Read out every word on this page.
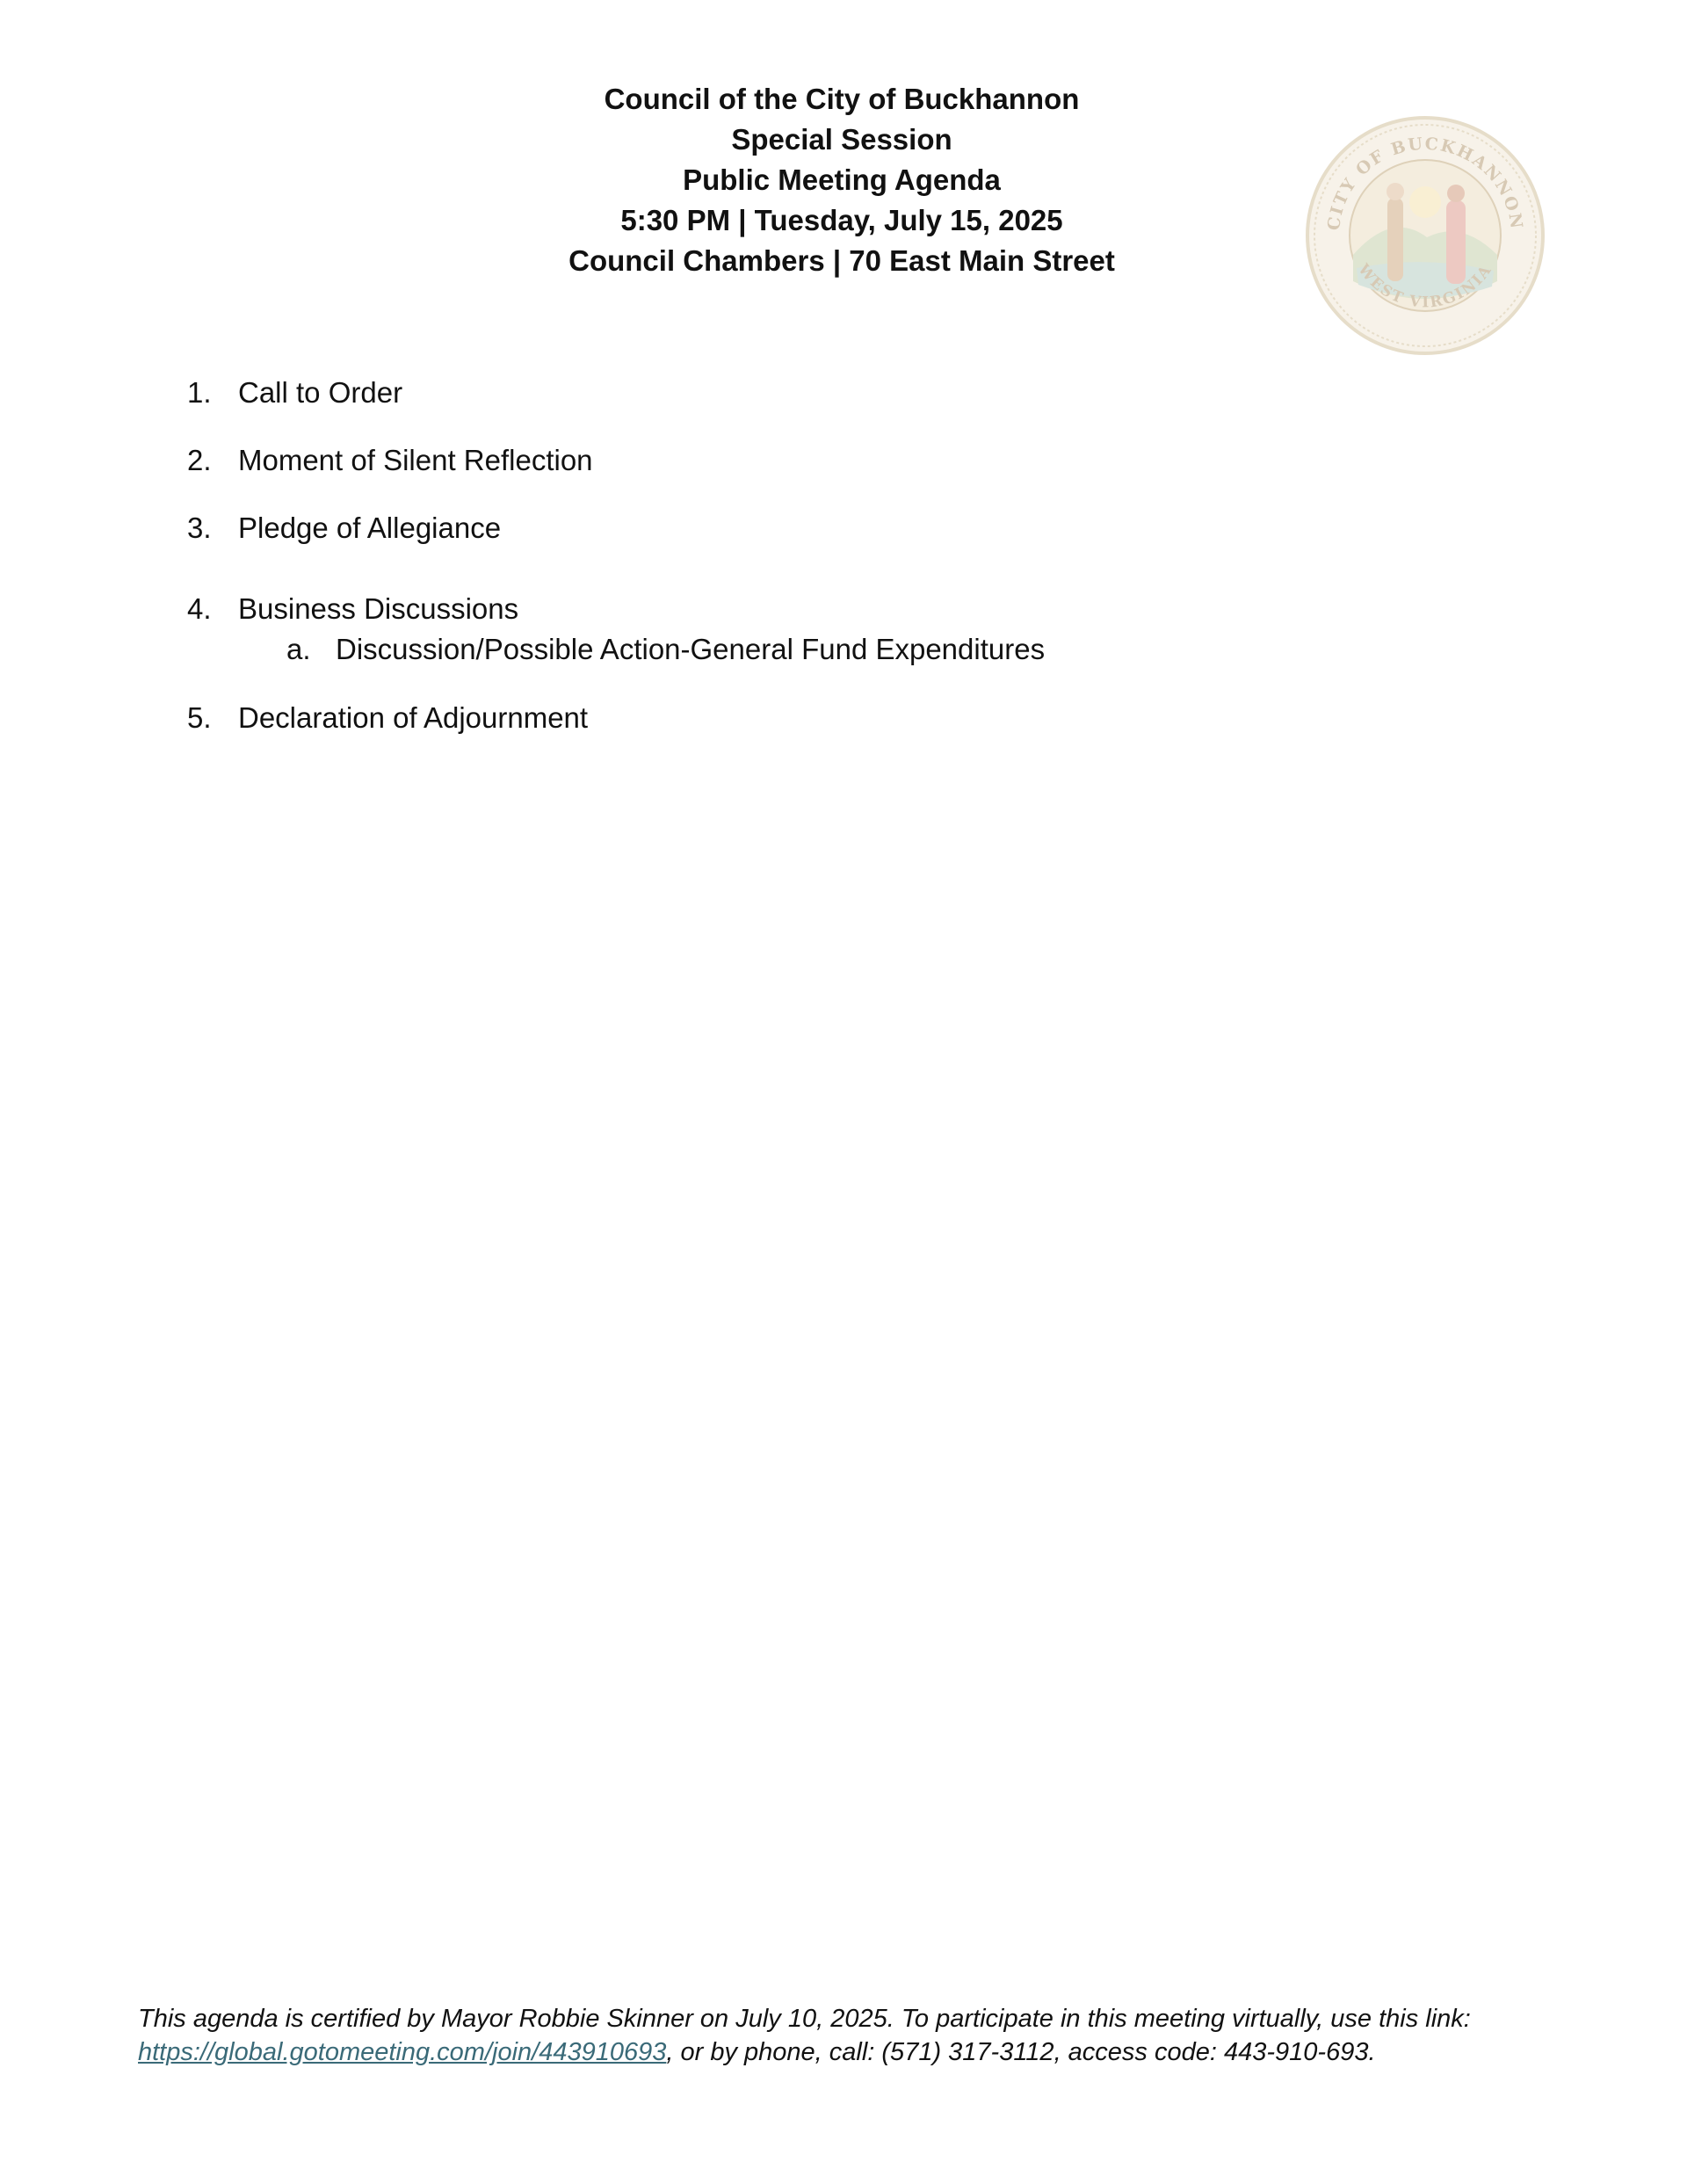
Council of the City of Buckhannon
Special Session
Public Meeting Agenda
5:30 PM | Tuesday, July 15, 2025
Council Chambers | 70 East Main Street
CITY OF BUCKHANNON
WEST VIRGINIA
1. Call to Order
2. Moment of Silent Reflection
3. Pledge of Allegiance
4. Business Discussions
a. Discussion/Possible Action-General Fund Expenditures
5. Declaration of Adjournment
This agenda is certified by Mayor Robbie Skinner on July 10, 2025. To participate in this meeting virtually, use this link:
https://global.gotomeeting.com/join/443910693, or by phone, call: (571) 317-3112, access code: 443-910-693.
